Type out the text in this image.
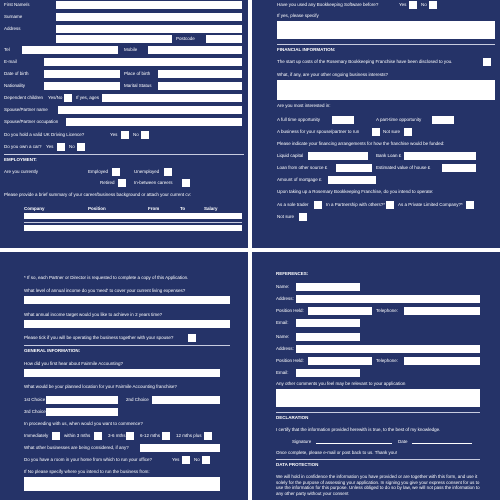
First Name/s
Surname
Address
Postcode
Tel	Mobile
E-mail
Date of birth	Place of birth
Nationality	Marital Status
Dependent children Yes/No	If yes, ages
Spouse/Partner name
Spouse/Partner occupation
Do you hold a valid UK Driving Licence?	Yes	No
Do you own a car? Yes	No
EMPLOYMENT:
Are you currently	Employed	Unemployed
Retired	In-between careers
Please provide a brief summary of your career/business background or attach your current cv:
Company	Position	From	To	Salary
Have you used any Bookkeeping Software before?	Yes	No
If yes, please specify
FINANCIAL INFORMATION:
The start up costs of the Rosemary Bookkeeping Franchise have been disclosed to you.
What, if any, are your other ongoing business interests?
Are you most interested in:
A full time opportunity	A part-time opportunity
A business for your spouse/partner to run	Not sure
Please indicate your financing arrangements for how the franchise would be funded:
Liquid capital	Bank Loan £
Loan from other source £	Estimated value of house £
Amount of mortgage £
Upon taking up a Rosemary Bookkeeping Franchise, do you intend to operate:
As a sole trader	In a Partnership with others?*	As a Private Limited Company?*
Not sure
* If so, each Partner or Director is requested to complete a copy of this Application.
What level of annual income do you 'need' to cover your current living expenses?
What annual income target would you like to achieve in 2 years time?
Please tick if you will be operating the business together with your spouse?
GENERAL INFORMATION:
How did you first hear about Fairmile Accounting?
What would be your planned location for your Fairmile Accounting franchise?
1st Choice	2nd Choice
3rd Choice
In proceeding with us, when would you want to commence?
Immediately	within 3 mths	3-6 mths	6-12 mths	12 mths plus
What other businesses are being considered, if any?
Do you have a room in your home from which to run your office?	Yes	No
If No please specify where you intend to run the business from:
REFERENCES:
Name:
Address:
Position Held:	Telephone:
Email:
Name:
Address:
Position Held:	Telephone:
Email:
Any other comments you feel may be relevant to your application
DECLARATION
I certify that the information provided herewith is true, to the best of my knowledge.
Signature	Date
Once complete, please e-mail or post back to us. Thank you!
DATA PROTECTION
We will hold in confidence the information you have provided or are together with this form, and use it solely for the purpose of assessing your application. In signing you give your express consent for us to use the information for this purpose. Unless obliged to do so by law, we will not pass the information to any other party without your consent
